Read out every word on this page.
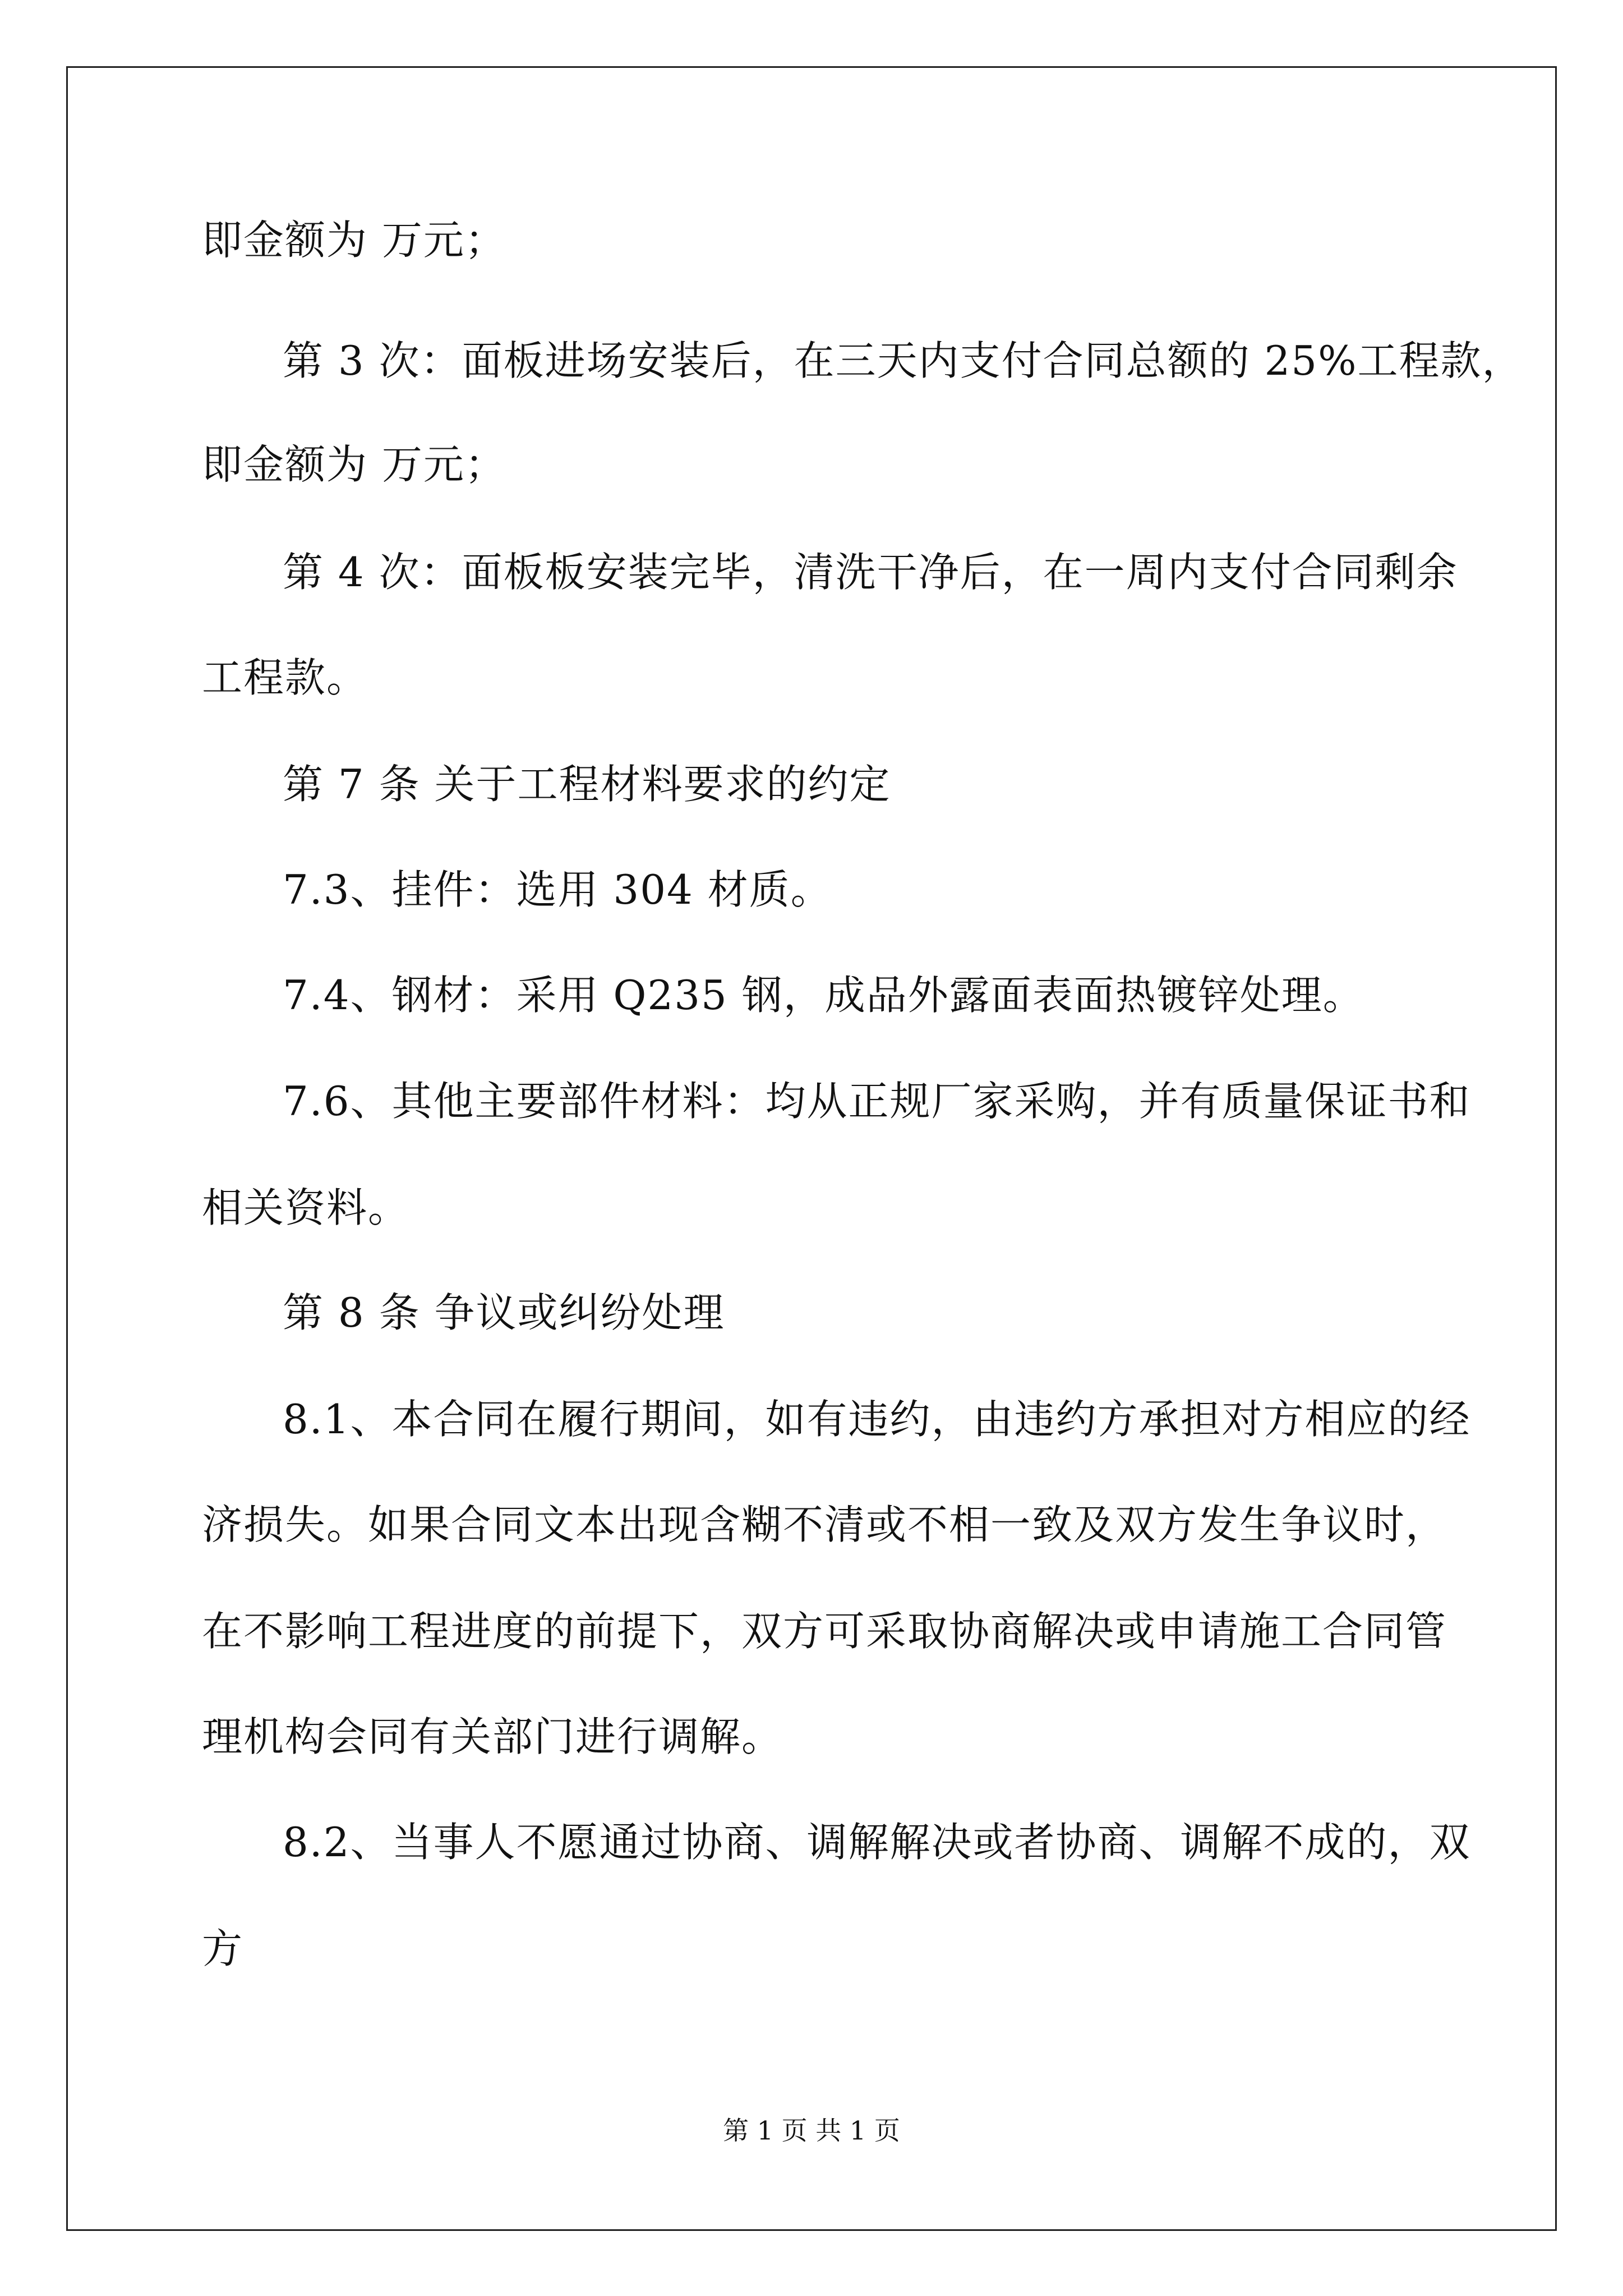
即金额为 万元；
第 3 次：面板进场安装后，在三天内支付合同总额的 25%工程款，
即金额为 万元；
第 4 次：面板板安装完毕，清洗干净后，在一周内支付合同剩余
工程款。
第 7 条 关于工程材料要求的约定
7.3、挂件：选用 304 材质。
7.4、钢材：采用 Q235 钢，成品外露面表面热镀锌处理。
7.6、其他主要部件材料：均从正规厂家采购，并有质量保证书和
相关资料。
第 8 条 争议或纠纷处理
8.1、本合同在履行期间，如有违约，由违约方承担对方相应的经
济损失。如果合同文本出现含糊不清或不相一致及双方发生争议时，
在不影响工程进度的前提下，双方可采取协商解决或申请施工合同管
理机构会同有关部门进行调解。
8.2、当事人不愿通过协商、调解解决或者协商、调解不成的，双
方
第 1 页 共 1 页
